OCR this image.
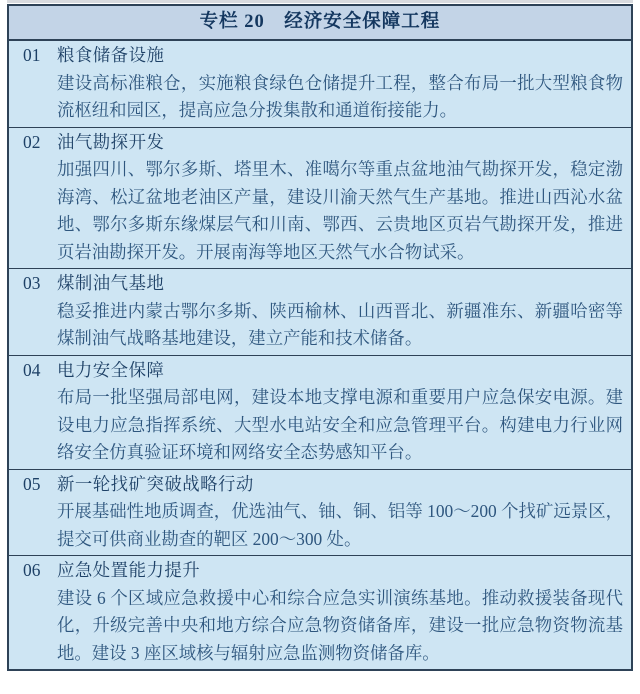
专栏 20　经济安全保障工程
01 粮食储备设施

建设高标准粮仓，实施粮食绿色仓储提升工程，整合布局一批大型粮食物流枢纽和园区，提高应急分拨集散和通道衔接能力。

02 油气勘探开发

加强四川、鄂尔多斯、塔里木、准噶尔等重点盆地油气勘探开发，稳定渤海湾、松辽盆地老油区产量，建设川渝天然气生产基地。推进山西沁水盆地、鄂尔多斯东缘煤层气和川南、鄂西、云贵地区页岩气勘探开发，推进页岩油勘探开发。开展南海等地区天然气水合物试采。

03 煤制油气基地

稳妥推进内蒙古鄂尔多斯、陕西榆林、山西晋北、新疆准东、新疆哈密等煤制油气战略基地建设，建立产能和技术储备。

04 电力安全保障

布局一批坚强局部电网，建设本地支撑电源和重要用户应急保安电源。建设电力应急指挥系统、大型水电站安全和应急管理平台。构建电力行业网络安全仿真验证环境和网络安全态势感知平台。

05 新一轮找矿突破战略行动

开展基础性地质调查，优选油气、铀、铜、铝等 100～200 个找矿远景区，提交可供商业勘查的靶区 200～300 处。

06 应急处置能力提升

建设 6 个区域应急救援中心和综合应急实训演练基地。推动救援装备现代化，升级完善中央和地方综合应急物资储备库，建设一批应急物资物流基地。建设 3 座区域核与辐射应急监测物资储备库。
